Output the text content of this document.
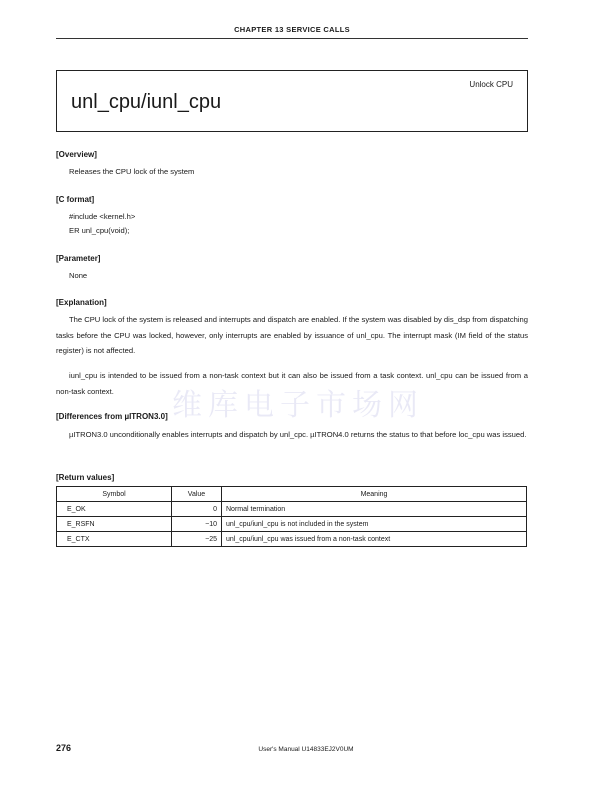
CHAPTER 13 SERVICE CALLS
unl_cpu/iunl_cpu
Unlock CPU
[Overview]
Releases the CPU lock of the system
[C format]
#include <kernel.h>
ER unl_cpu(void);
[Parameter]
None
[Explanation]
The CPU lock of the system is released and interrupts and dispatch are enabled. If the system was disabled by dis_dsp from dispatching tasks before the CPU was locked, however, only interrupts are enabled by issuance of unl_cpu. The interrupt mask (IM field of the status register) is not affected.
iunl_cpu is intended to be issued from a non-task context but it can also be issued from a task context. unl_cpu can be issued from a non-task context.	维库电子市场网
[Differences from µITRON3.0]
µITRON3.0 unconditionally enables interrupts and dispatch by unl_cpc. µITRON4.0 returns the status to that before loc_cpu was issued.
[Return values]
Symbol	Value	Meaning
E_OK	0	Normal termination
E_RSFN	−10	unl_cpu/iunl_cpu is not included in the system
E_CTX	−25	unl_cpu/iunl_cpu was issued from a non-task context
276	User's Manual U14833EJ2V0UM
